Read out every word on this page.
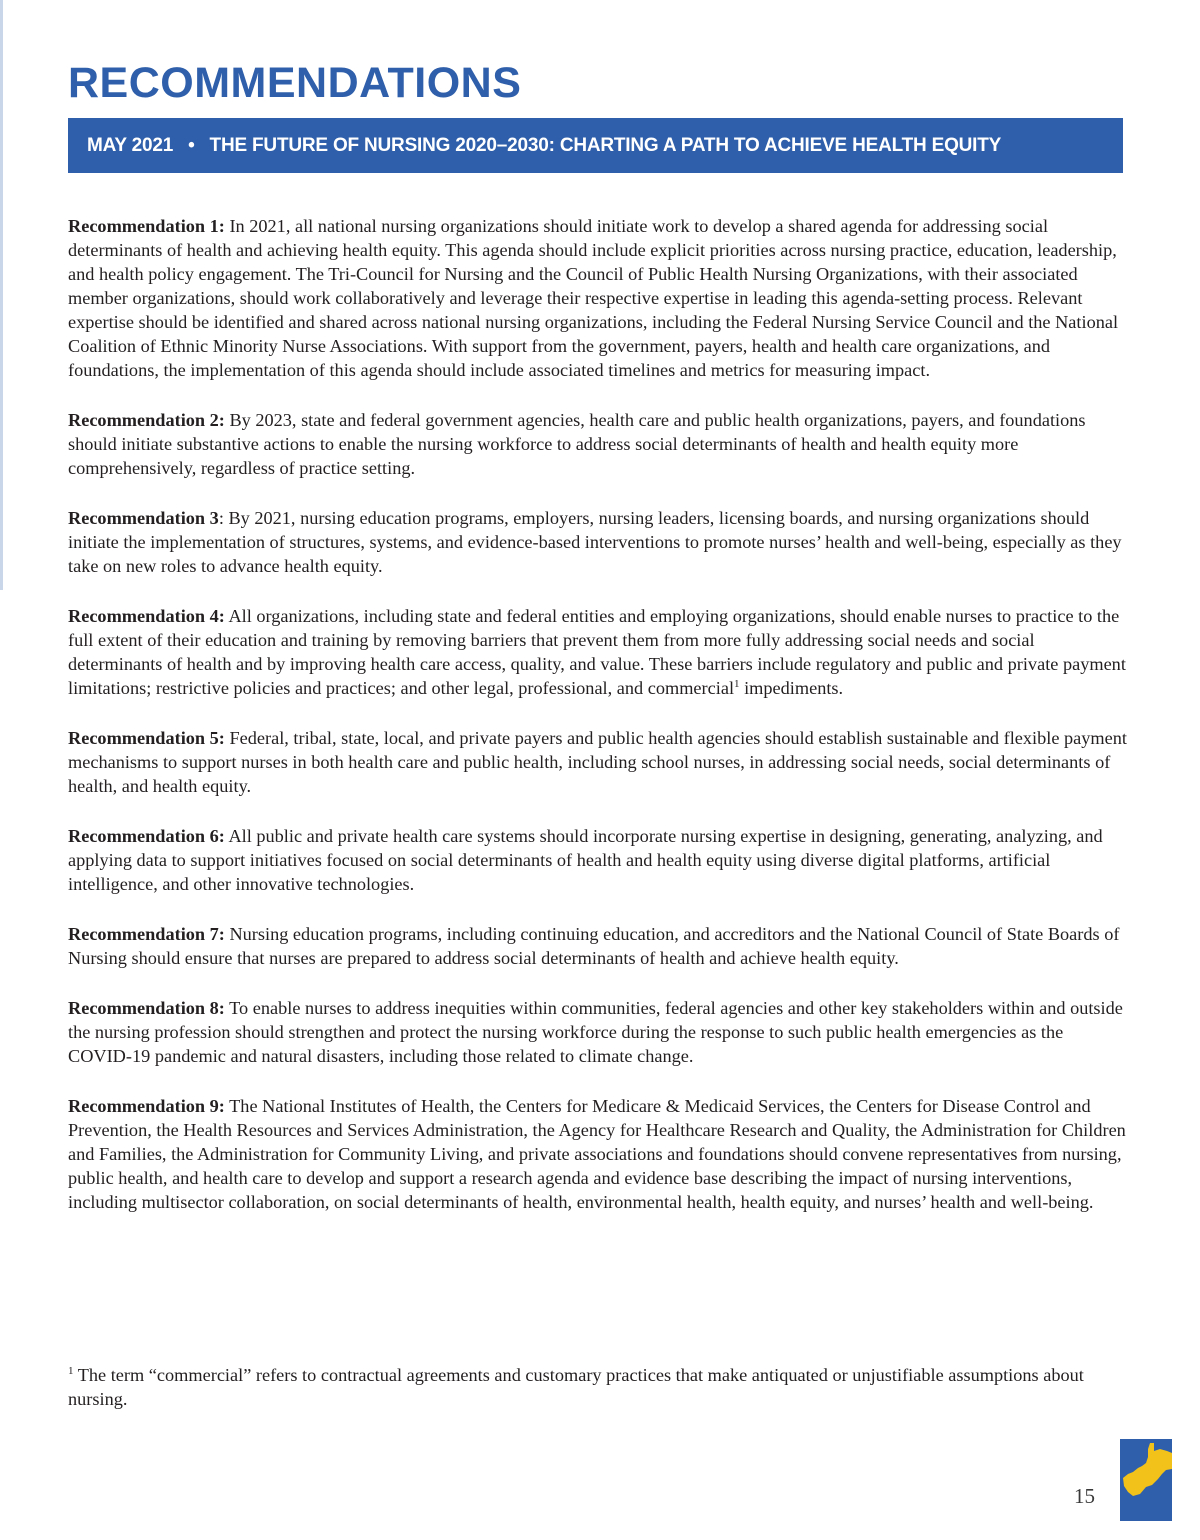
RECOMMENDATIONS
MAY 2021 • THE FUTURE OF NURSING 2020–2030: CHARTING A PATH TO ACHIEVE HEALTH EQUITY

Recommendation 1: In 2021, all national nursing organizations should initiate work to develop a shared agenda for addressing social determinants of health and achieving health equity. This agenda should include explicit priorities across nursing practice, education, leadership, and health policy engagement. The Tri-Council for Nursing and the Council of Public Health Nursing Organizations, with their associated member organizations, should work collaboratively and leverage their respective expertise in leading this agenda-setting process. Relevant expertise should be identified and shared across national nursing organizations, including the Federal Nursing Service Council and the National Coalition of Ethnic Minority Nurse Associations. With support from the government, payers, health and health care organizations, and foundations, the implementation of this agenda should include associated timelines and metrics for measuring impact.

Recommendation 2: By 2023, state and federal government agencies, health care and public health organizations, payers, and foundations should initiate substantive actions to enable the nursing workforce to address social determinants of health and health equity more comprehensively, regardless of practice setting.

Recommendation 3: By 2021, nursing education programs, employers, nursing leaders, licensing boards, and nursing organizations should initiate the implementation of structures, systems, and evidence-based interventions to promote nurses’ health and well-being, especially as they take on new roles to advance health equity.

Recommendation 4: All organizations, including state and federal entities and employing organizations, should enable nurses to practice to the full extent of their education and training by removing barriers that prevent them from more fully addressing social needs and social determinants of health and by improving health care access, quality, and value. These barriers include regulatory and public and private payment limitations; restrictive policies and practices; and other legal, professional, and commercial$^1$ impediments.

Recommendation 5: Federal, tribal, state, local, and private payers and public health agencies should establish sustainable and flexible payment mechanisms to support nurses in both health care and public health, including school nurses, in addressing social needs, social determinants of health, and health equity.

Recommendation 6: All public and private health care systems should incorporate nursing expertise in designing, generating, analyzing, and applying data to support initiatives focused on social determinants of health and health equity using diverse digital platforms, artificial intelligence, and other innovative technologies.

Recommendation 7: Nursing education programs, including continuing education, and accreditors and the National Council of State Boards of Nursing should ensure that nurses are prepared to address social determinants of health and achieve health equity.

Recommendation 8: To enable nurses to address inequities within communities, federal agencies and other key stakeholders within and outside the nursing profession should strengthen and protect the nursing workforce during the response to such public health emergencies as the COVID-19 pandemic and natural disasters, including those related to climate change.

Recommendation 9: The National Institutes of Health, the Centers for Medicare & Medicaid Services, the Centers for Disease Control and Prevention, the Health Resources and Services Administration, the Agency for Healthcare Research and Quality, the Administration for Children and Families, the Administration for Community Living, and private associations and foundations should convene representatives from nursing, public health, and health care to develop and support a research agenda and evidence base describing the impact of nursing interventions, including multisector collaboration, on social determinants of health, environmental health, health equity, and nurses’ health and well-being.

$^1$ The term “commercial” refers to contractual agreements and customary practices that make antiquated or unjustifiable assumptions about nursing.

15
